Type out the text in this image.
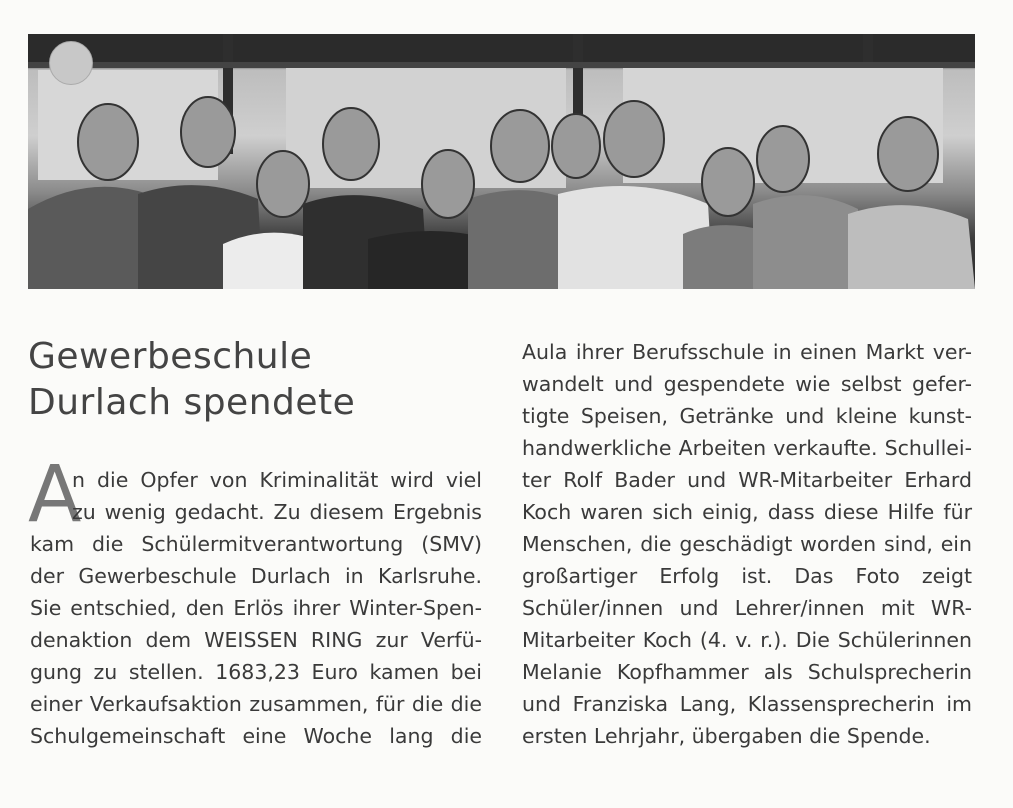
Gewerbeschule
Durlach spendete
A
n die Opfer von Kriminalität wird viel
zu wenig gedacht. Zu diesem Ergebnis
kam die Schülermitverantwortung (SMV)
der Gewerbeschule Durlach in Karlsruhe.
Sie entschied, den Erlös ihrer Winter-Spen-
denaktion dem WEISSEN RING zur Verfü-
gung zu stellen. 1683,23 Euro kamen bei
einer Verkaufsaktion zusammen, für die die
Schulgemeinschaft eine Woche lang die
Aula ihrer Berufsschule in einen Markt ver-
wandelt und gespendete wie selbst gefer-
tigte Speisen, Getränke und kleine kunst-
handwerkliche Arbeiten verkaufte. Schullei-
ter Rolf Bader und WR-Mitarbeiter Erhard
Koch waren sich einig, dass diese Hilfe für
Menschen, die geschädigt worden sind, ein
großartiger Erfolg ist. Das Foto zeigt
Schüler/innen und Lehrer/innen mit WR-
Mitarbeiter Koch (4. v. r.). Die Schülerinnen
Melanie Kopfhammer als Schulsprecherin
und Franziska Lang, Klassensprecherin im
ersten Lehrjahr, übergaben die Spende.
